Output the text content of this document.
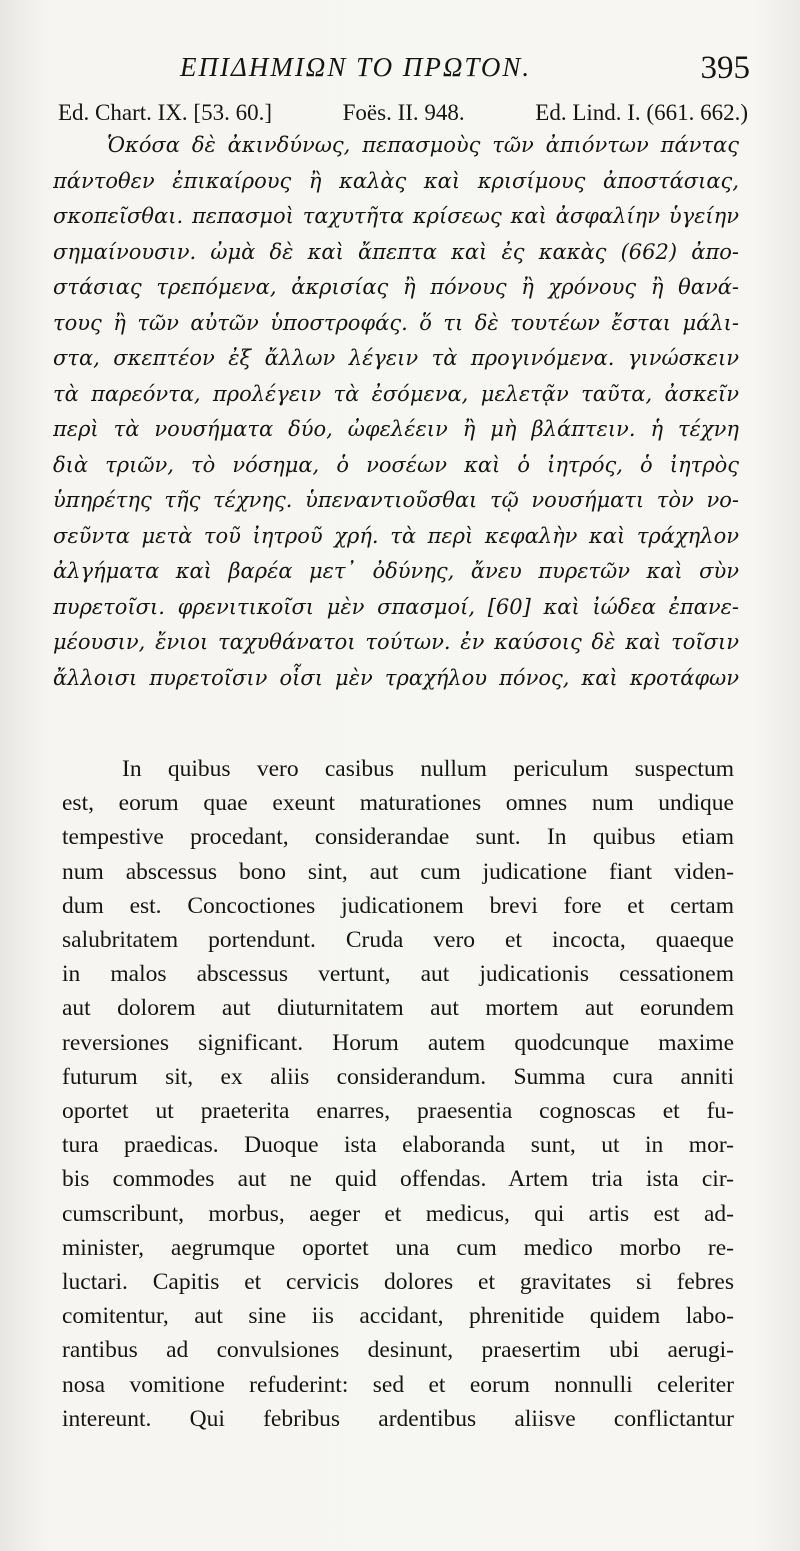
ΕΠΙΔΗΜΙΩΝ ΤΟ ΠΡΩΤΟΝ.	395
Ed. Chart. IX. [53. 60.]	Foës. II. 948.	Ed. Lind. I. (661. 662.)
Ὁκόσα δὲ ἀκινδύνως, πεπασμοὺς τῶν ἀπιόντων πάντας
πάντοθεν ἐπικαίρους ἢ καλὰς καὶ κρισίμους ἀποστάσιας,
σκοπεῖσθαι. πεπασμοὶ ταχυτῆτα κρίσεως καὶ ἀσφαλίην ὑγείην
σημαίνουσιν. ὠμὰ δὲ καὶ ἄπεπτα καὶ ἐς κακὰς (662) ἀπο-
στάσιας τρεπόμενα, ἀκρισίας ἢ πόνους ἢ χρόνους ἢ θανά-
τους ἢ τῶν αὐτῶν ὑποστροφάς. ὅ τι δὲ τουτέων ἔσται μάλι-
στα, σκεπτέον ἐξ ἄλλων λέγειν τὰ προγινόμενα. γινώσκειν
τὰ παρεόντα, προλέγειν τὰ ἐσόμενα, μελετᾷν ταῦτα, ἀσκεῖν
περὶ τὰ νουσήματα δύο, ὠφελέειν ἢ μὴ βλάπτειν. ἡ τέχνη
διὰ τριῶν, τὸ νόσημα, ὁ νοσέων καὶ ὁ ἰητρός, ὁ ἰητρὸς
ὑπηρέτης τῆς τέχνης. ὑπεναντιοῦσθαι τῷ νουσήματι τὸν νο-
σεῦντα μετὰ τοῦ ἰητροῦ χρή. τὰ περὶ κεφαλὴν καὶ τράχηλον
ἀλγήματα καὶ βαρέα μετ᾽ ὀδύνης, ἄνευ πυρετῶν καὶ σὺν
πυρετοῖσι. φρενιτικοῖσι μὲν σπασμοί, [60] καὶ ἰώδεα ἐπανε-
μέουσιν, ἔνιοι ταχυθάνατοι τούτων. ἐν καύσοις δὲ καὶ τοῖσιν
ἄλλοισι πυρετοῖσιν οἷσι μὲν τραχήλου πόνος, καὶ κροτάφων
In quibus vero casibus nullum periculum suspectum
est, eorum quae exeunt maturationes omnes num undique
tempestive procedant, considerandae sunt. In quibus etiam
num abscessus bono sint, aut cum judicatione fiant viden-
dum est. Concoctiones judicationem brevi fore et certam
salubritatem portendunt. Cruda vero et incocta, quaeque
in malos abscessus vertunt, aut judicationis cessationem
aut dolorem aut diuturnitatem aut mortem aut eorundem
reversiones significant. Horum autem quodcunque maxime
futurum sit, ex aliis considerandum. Summa cura anniti
oportet ut praeterita enarres, praesentia cognoscas et fu-
tura praedicas. Duoque ista elaboranda sunt, ut in mor-
bis commodes aut ne quid offendas. Artem tria ista cir-
cumscribunt, morbus, aeger et medicus, qui artis est ad-
minister, aegrumque oportet una cum medico morbo re-
luctari. Capitis et cervicis dolores et gravitates si febres
comitentur, aut sine iis accidant, phrenitide quidem labo-
rantibus ad convulsiones desinunt, praesertim ubi aerugi-
nosa vomitione refuderint: sed et eorum nonnulli celeriter
intereunt. Qui febribus ardentibus aliisve conflictantur
